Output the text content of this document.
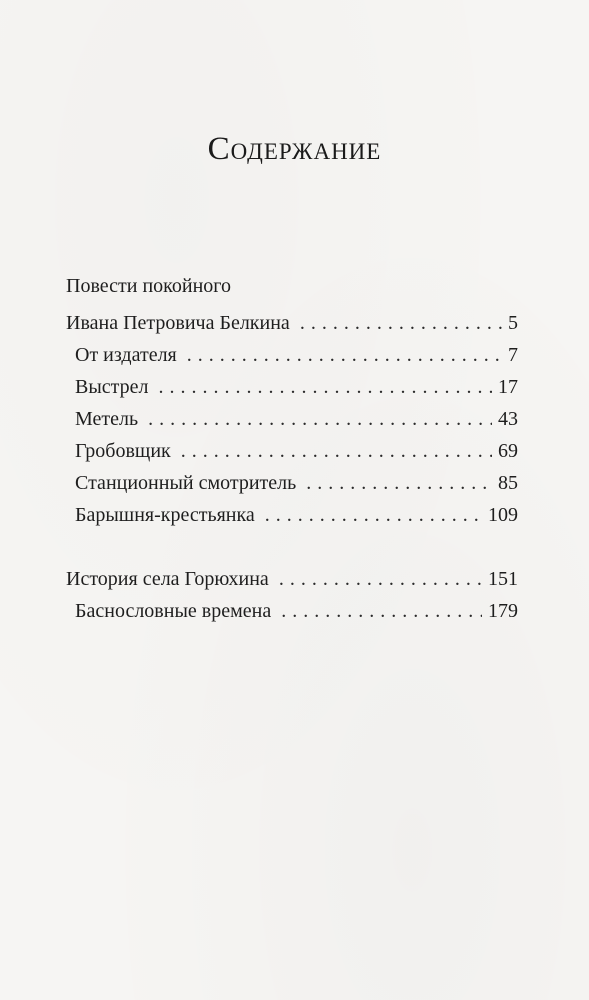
Содержание
Повести покойного
Ивана Петровича Белкина . . .	5
От издателя . . .	7
Выстрел . . .	17
Метель . . .	43
Гробовщик . . .	69
Станционный смотритель . . .	85
Барышня-крестьянка . . .	109
История села Горюхина . . .	151
Баснословные времена . . .	179
